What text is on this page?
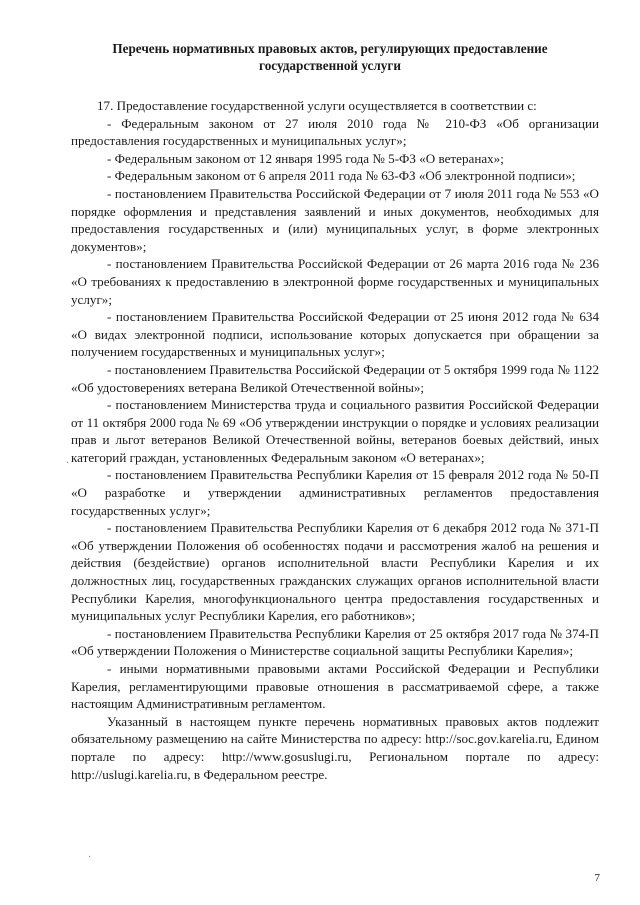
Перечень нормативных правовых актов, регулирующих предоставление
государственной услуги

17. Предоставление государственной услуги осуществляется в соответствии с:

- Федеральным законом от 27 июля 2010 года № 210-ФЗ «Об организации предоставления государственных и муниципальных услуг»;

- Федеральным законом от 12 января 1995 года № 5-ФЗ «О ветеранах»;

- Федеральным законом от 6 апреля 2011 года № 63-ФЗ «Об электронной подписи»;

- постановлением Правительства Российской Федерации от 7 июля 2011 года № 553 «О порядке оформления и представления заявлений и иных документов, необходимых для предоставления государственных и (или) муниципальных услуг, в форме электронных документов»;

- постановлением Правительства Российской Федерации от 26 марта 2016 года № 236 «О требованиях к предоставлению в электронной форме государственных и муниципальных услуг»;

- постановлением Правительства Российской Федерации от 25 июня 2012 года № 634 «О видах электронной подписи, использование которых допускается при обращении за получением государственных и муниципальных услуг»;

- постановлением Правительства Российской Федерации от 5 октября 1999 года № 1122 «Об удостоверениях ветерана Великой Отечественной войны»;

- постановлением Министерства труда и социального развития Российской Федерации от 11 октября 2000 года № 69 «Об утверждении инструкции о порядке и условиях реализации прав и льгот ветеранов Великой Отечественной войны, ветеранов боевых действий, иных категорий граждан, установленных Федеральным законом «О ветеранах»;

- постановлением Правительства Республики Карелия от 15 февраля 2012 года № 50-П «О разработке и утверждении административных регламентов предоставления государственных услуг»;

- постановлением Правительства Республики Карелия от 6 декабря 2012 года № 371-П «Об утверждении Положения об особенностях подачи и рассмотрения жалоб на решения и действия (бездействие) органов исполнительной власти Республики Карелия и их должностных лиц, государственных гражданских служащих органов исполнительной власти Республики Карелия, многофункционального центра предоставления государственных и муниципальных услуг Республики Карелия, его работников»;

- постановлением Правительства Республики Карелия от 25 октября 2017 года № 374-П «Об утверждении Положения о Министерстве социальной защиты Республики Карелия»;

- иными нормативными правовыми актами Российской Федерации и Республики Карелия, регламентирующими правовые отношения в рассматриваемой сфере, а также настоящим Административным регламентом.

Указанный в настоящем пункте перечень нормативных правовых актов подлежит обязательному размещению на сайте Министерства по адресу: http://soc.gov.karelia.ru, Едином портале по адресу: http://www.gosuslugi.ru, Региональном портале по адресу: http://uslugi.karelia.ru, в Федеральном реестре.

·
·
7
